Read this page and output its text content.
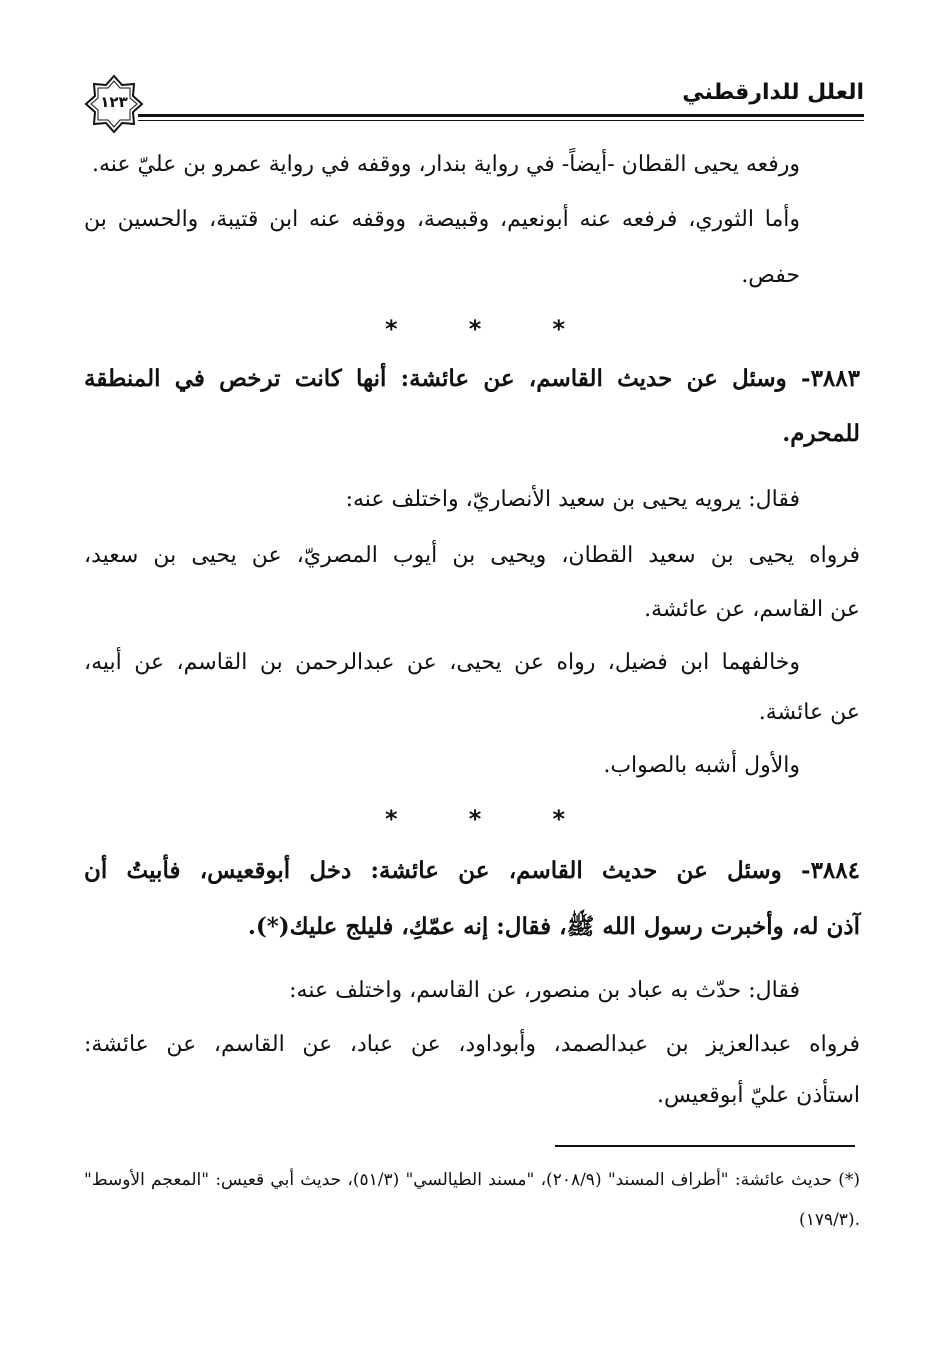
العلل للدارقطني
١٢٣
ورفعه يحيى القطان -أيضاً- في رواية بندار، ووقفه في رواية عمرو بن عليّ عنه.
وأما الثوري، فرفعه عنه أبونعيم، وقبيصة، ووقفه عنه ابن قتيبة، والحسين بن
حفص.
*	*	*
٣٨٨٣- وسئل عن حديث القاسم، عن عائشة: أنها كانت ترخص في المنطقة
للمحرم.
فقال: يرويه يحيى بن سعيد الأنصاريّ، واختلف عنه:
فرواه يحيى بن سعيد القطان، ويحيى بن أيوب المصريّ، عن يحيى بن سعيد،
عن القاسم، عن عائشة.
وخالفهما ابن فضيل، رواه عن يحيى، عن عبدالرحمن بن القاسم، عن أبيه،
عن عائشة.
والأول أشبه بالصواب.
*	*	*
٣٨٨٤- وسئل عن حديث القاسم، عن عائشة: دخل أبوقعيس، فأبيتُ أن
آذن له، وأخبرت رسول الله ﷺ، فقال: إنه عمّكِ، فليلج عليك(*).
فقال: حدّث به عباد بن منصور، عن القاسم، واختلف عنه:
فرواه عبدالعزيز بن عبدالصمد، وأبوداود، عن عباد، عن القاسم، عن عائشة:
استأذن عليّ أبوقعيس.
(*) حديث عائشة: "أطراف المسند" (٢٠٨/٩)، "مسند الطيالسي" (٥١/٣)، حديث أبي قعيس: "المعجم الأوسط"
(١٧٩/٣).
